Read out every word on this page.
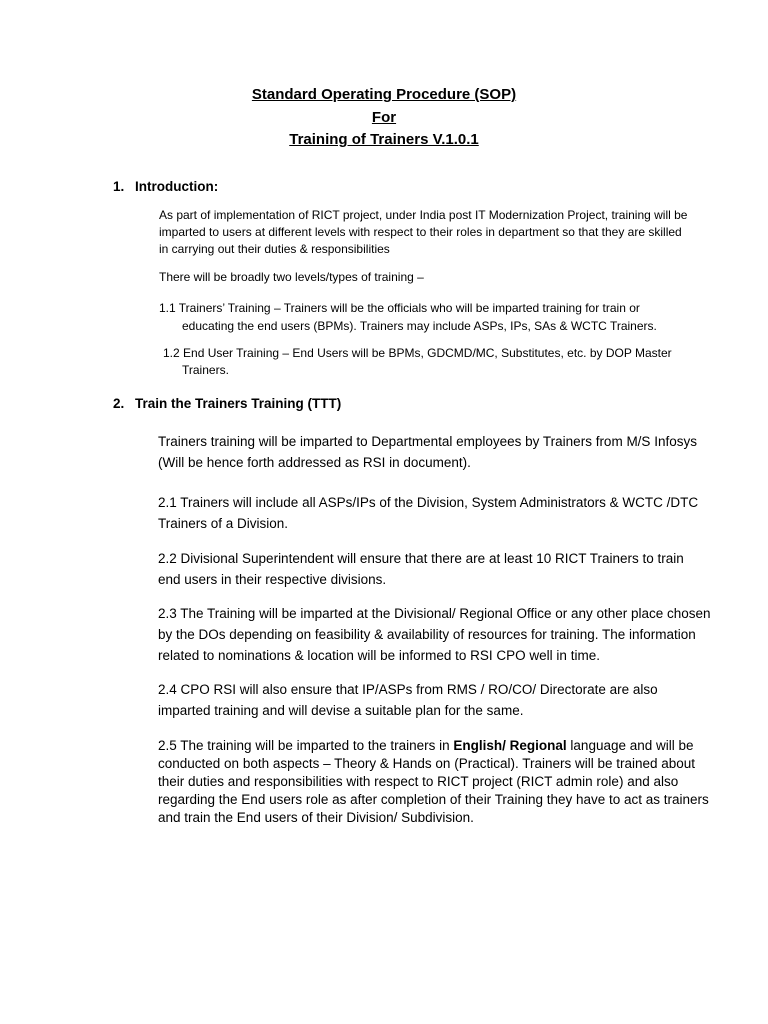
Standard Operating Procedure (SOP)
For
Training of Trainers V.1.0.1
1. Introduction:
As part of implementation of RICT project, under India post IT Modernization Project, training will be
imparted to users at different levels with respect to their roles in department so that they are skilled
in carrying out their duties & responsibilities
There will be broadly two levels/types of training –
1.1 Trainers’ Training – Trainers will be the officials who will be imparted training for train or
educating the end users (BPMs). Trainers may include ASPs, IPs, SAs & WCTC Trainers.
1.2 End User Training – End Users will be BPMs, GDCMD/MC, Substitutes, etc. by DOP Master
Trainers.
2. Train the Trainers Training (TTT)
Trainers training will be imparted to Departmental employees by Trainers from M/S Infosys
(Will be hence forth addressed as RSI in document).
2.1 Trainers will include all ASPs/IPs of the Division, System Administrators & WCTC /DTC
Trainers of a Division.
2.2 Divisional Superintendent will ensure that there are at least 10 RICT Trainers to train
end users in their respective divisions.
2.3 The Training will be imparted at the Divisional/ Regional Office or any other place chosen
by the DOs depending on feasibility & availability of resources for training. The information
related to nominations & location will be informed to RSI CPO well in time.
2.4 CPO RSI will also ensure that IP/ASPs from RMS / RO/CO/ Directorate are also
imparted training and will devise a suitable plan for the same.
2.5 The training will be imparted to the trainers in English/ Regional language and will be
conducted on both aspects – Theory & Hands on (Practical). Trainers will be trained about
their duties and responsibilities with respect to RICT project (RICT admin role) and also
regarding the End users role as after completion of their Training they have to act as trainers
and train the End users of their Division/ Subdivision.
